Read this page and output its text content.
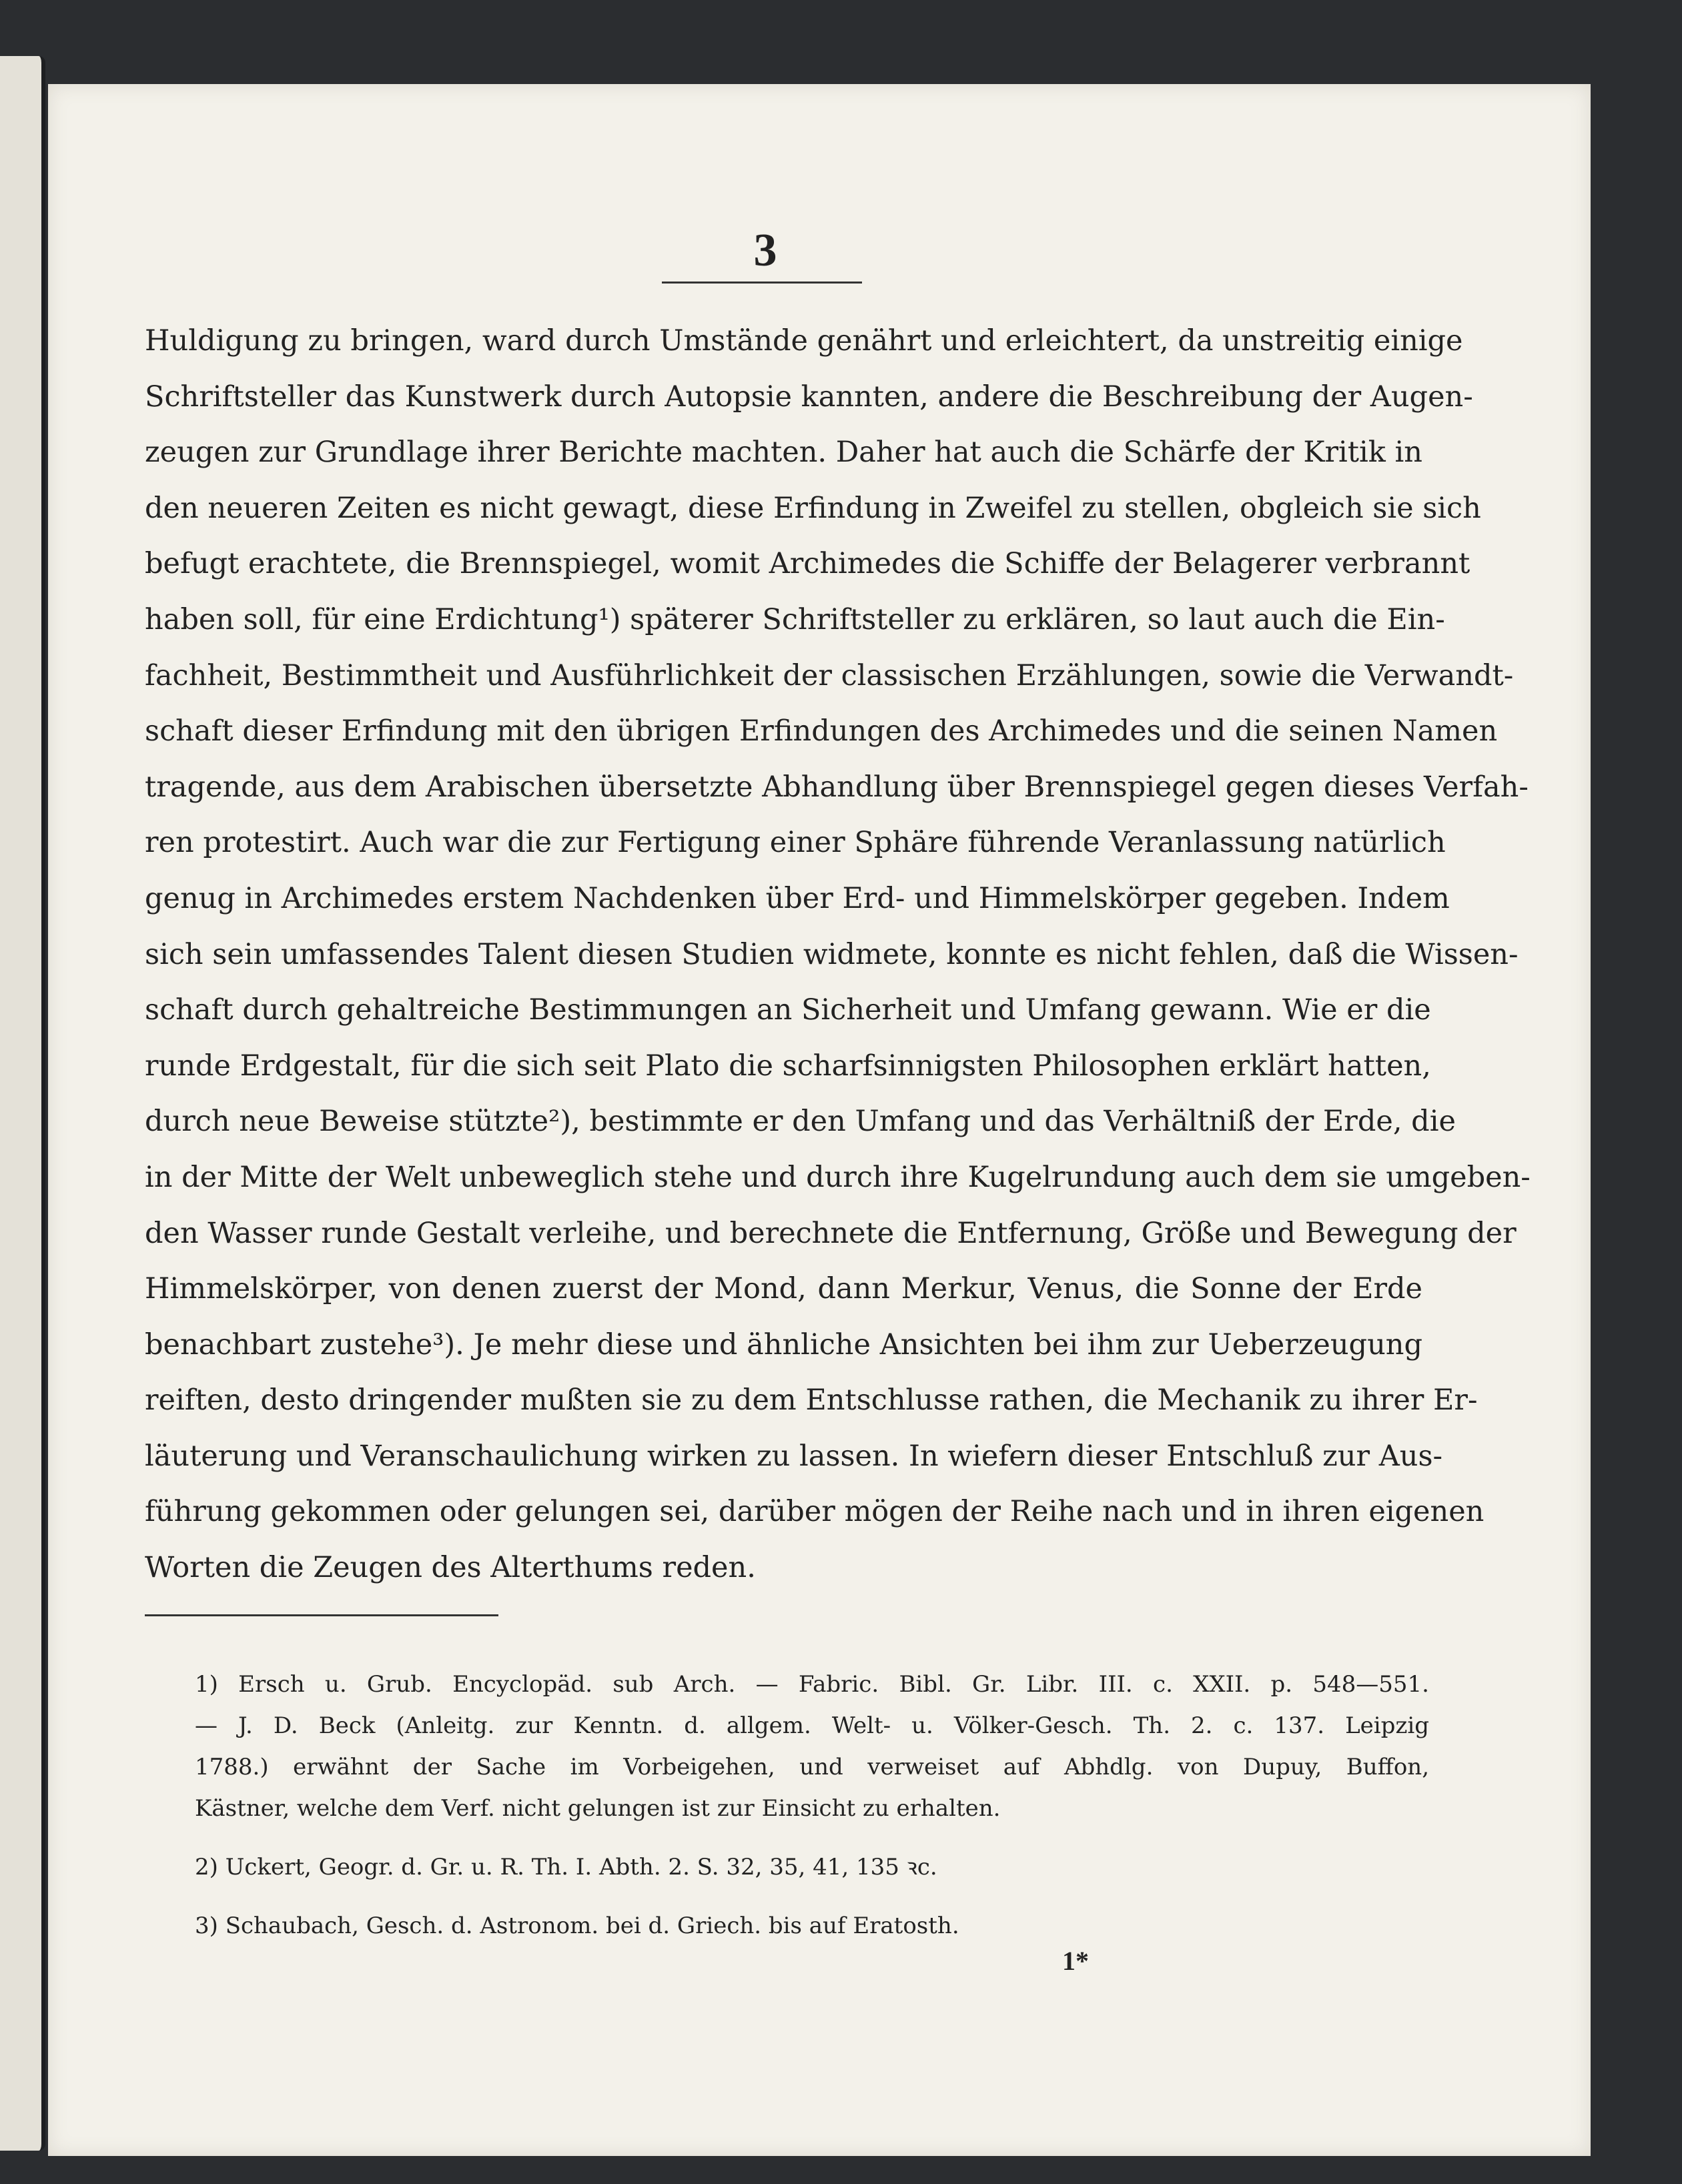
3
Huldigung zu bringen, ward durch Umstände genährt und erleichtert, da unstreitig einige
Schriftsteller das Kunstwerk durch Autopsie kannten, andere die Beschreibung der Augen-
zeugen zur Grundlage ihrer Berichte machten. Daher hat auch die Schärfe der Kritik in
den neueren Zeiten es nicht gewagt, diese Erfindung in Zweifel zu stellen, obgleich sie sich
befugt erachtete, die Brennspiegel, womit Archimedes die Schiffe der Belagerer verbrannt
haben soll, für eine Erdichtung¹) späterer Schriftsteller zu erklären, so laut auch die Ein-
fachheit, Bestimmtheit und Ausführlichkeit der classischen Erzählungen, sowie die Verwandt-
schaft dieser Erfindung mit den übrigen Erfindungen des Archimedes und die seinen Namen
tragende, aus dem Arabischen übersetzte Abhandlung über Brennspiegel gegen dieses Verfah-
ren protestirt. Auch war die zur Fertigung einer Sphäre führende Veranlassung natürlich
genug in Archimedes erstem Nachdenken über Erd- und Himmelskörper gegeben. Indem
sich sein umfassendes Talent diesen Studien widmete, konnte es nicht fehlen, daß die Wissen-
schaft durch gehaltreiche Bestimmungen an Sicherheit und Umfang gewann. Wie er die
runde Erdgestalt, für die sich seit Plato die scharfsinnigsten Philosophen erklärt hatten,
durch neue Beweise stützte²), bestimmte er den Umfang und das Verhältniß der Erde, die
in der Mitte der Welt unbeweglich stehe und durch ihre Kugelrundung auch dem sie umgeben-
den Wasser runde Gestalt verleihe, und berechnete die Entfernung, Größe und Bewegung der
Himmelskörper, von denen zuerst der Mond, dann Merkur, Venus, die Sonne der Erde
benachbart zustehe³). Je mehr diese und ähnliche Ansichten bei ihm zur Ueberzeugung
reiften, desto dringender mußten sie zu dem Entschlusse rathen, die Mechanik zu ihrer Er-
läuterung und Veranschaulichung wirken zu lassen. In wiefern dieser Entschluß zur Aus-
führung gekommen oder gelungen sei, darüber mögen der Reihe nach und in ihren eigenen
Worten die Zeugen des Alterthums reden.
1) Ersch u. Grub. Encyclopäd. sub Arch. — Fabric. Bibl. Gr. Libr. III. c. XXII. p. 548—551.
— J. D. Beck (Anleitg. zur Kenntn. d. allgem. Welt- u. Völker-Gesch. Th. 2. c. 137. Leipzig
1788.) erwähnt der Sache im Vorbeigehen, und verweiset auf Abhdlg. von Dupuy, Buffon,
Kästner, welche dem Verf. nicht gelungen ist zur Einsicht zu erhalten.
2) Uckert, Geogr. d. Gr. u. R. Th. I. Abth. 2. S. 32, 35, 41, 135 ꝛc.
3) Schaubach, Gesch. d. Astronom. bei d. Griech. bis auf Eratosth.
1*
